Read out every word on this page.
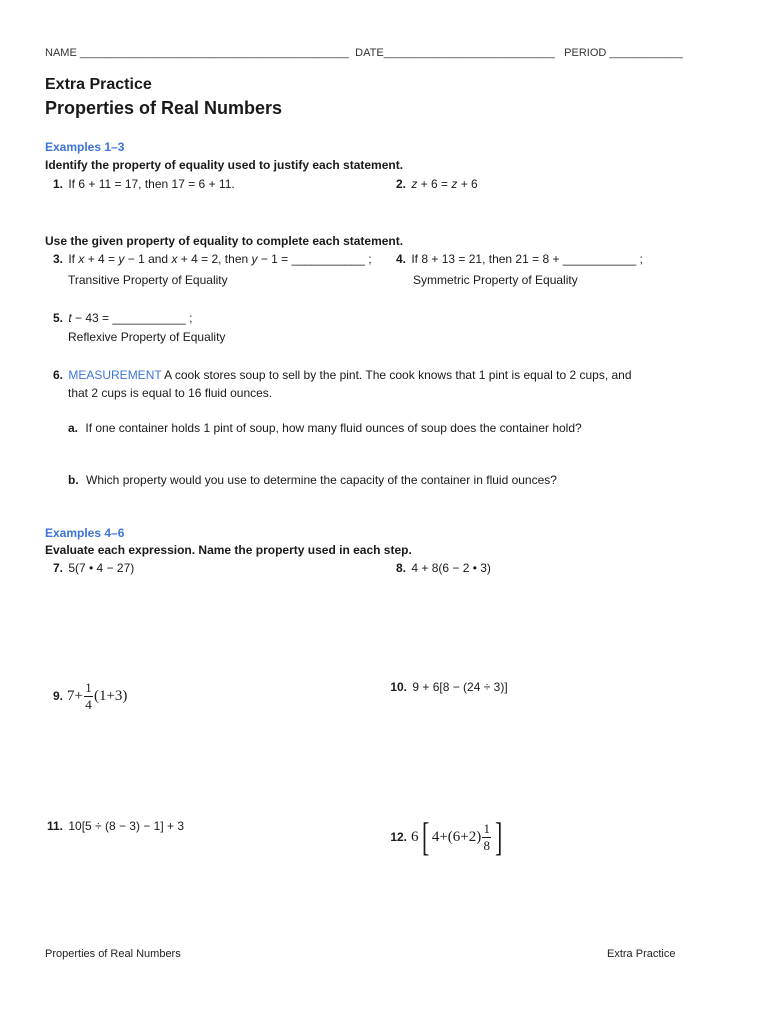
NAME ____________________________________________ DATE____________________________ PERIOD ____________
Extra Practice
Properties of Real Numbers
Examples 1–3
Identify the property of equality used to justify each statement.
1. If 6 + 11 = 17, then 17 = 6 + 11.	2. z + 6 = z + 6
Use the given property of equality to complete each statement.
3. If x + 4 = y − 1 and x + 4 = 2, then y − 1 = ___________ ;
Transitive Property of Equality
4. If 8 + 13 = 21, then 21 = 8 + ___________ ;
Symmetric Property of Equality
5. t − 43 = ___________ ;
Reflexive Property of Equality
6. MEASUREMENT A cook stores soup to sell by the pint. The cook knows that 1 pint is equal to 2 cups, and
that 2 cups is equal to 16 fluid ounces.
a. If one container holds 1 pint of soup, how many fluid ounces of soup does the container hold?
b. Which property would you use to determine the capacity of the container in fluid ounces?
Examples 4–6
Evaluate each expression. Name the property used in each step.
7. 5(7 • 4 − 27)	8. 4 + 8(6 − 2 • 3)
9. $7+ \frac{1}{4} (1+3)$
10. 9 + 6[8 − (24 ÷ 3)]
11. 10[5 ÷ (8 − 3) − 1] + 3
12. 6 [ $4+(6+2) \frac{1}{8}$ ]
Properties of Real Numbers	Extra Practice
